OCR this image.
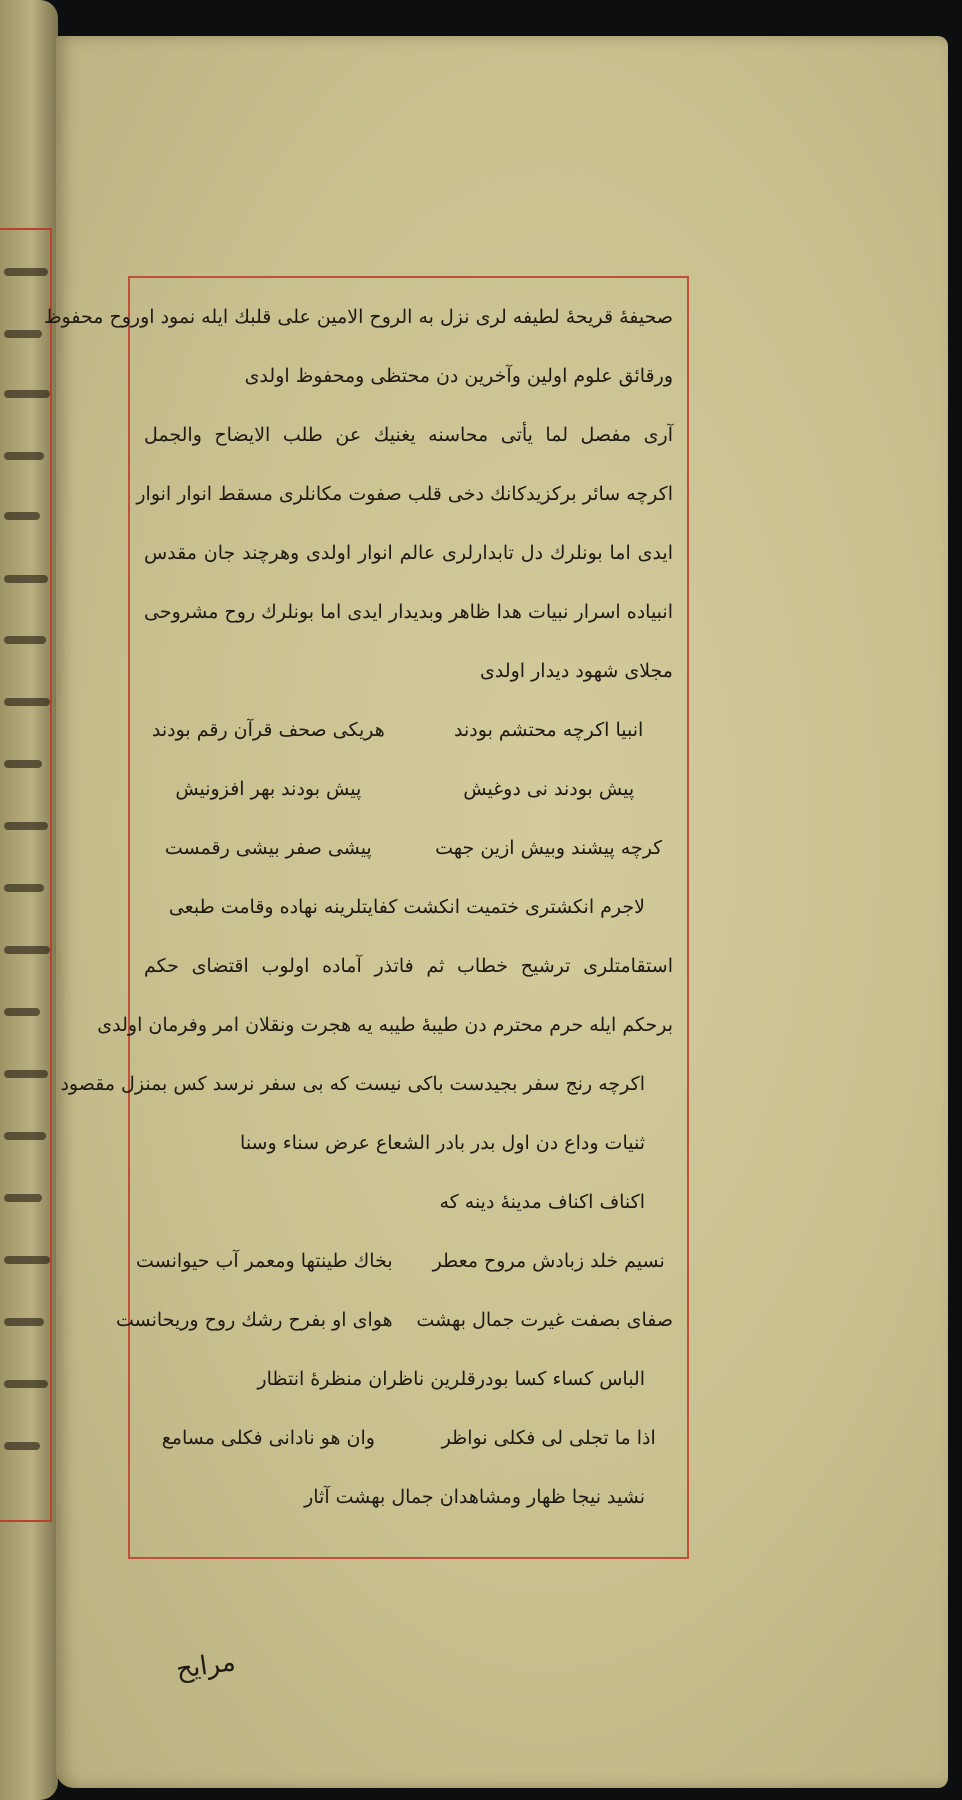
صحيفهٔ قريحهٔ لطيفه لرى نزل به الروح الامين على قلبك ايله نمود اوروح محفوظ
ورقائق علوم اولين وآخرين دن محتظى ومحفوظ اولدى
آرى مفصل لما يأتى محاسنه يغنيك عن طلب الايضاح والجمل
اكرچه سائر بركزيدكانك دخى قلب صفوت مكانلرى مسقط انوار انوار
ايدى اما بونلرك دل تابدارلرى عالم انوار اولدى وهرچند جان مقدس
انبياده اسرار نبيات هدا ظاهر وبديدار ايدى اما بونلرك روح مشروحى
مجلاى شهود ديدار اولدى
انبيا اكرچه محتشم بودند
هريكى صحف قرآن رقم بودند
پيش بودند نى دوغيش
پيش بودند بهر افزونيش
كرچه پيشند وبيش ازين جهت
پيشى صفر بيشى رقمست
لاجرم انكشترى ختميت انكشت كفايتلرينه نهاده وقامت طبعى
استقامتلرى ترشيح خطاب ثم فاتذر آماده اولوب اقتضاى حكم
برحكم ايله حرم محترم دن طيبهٔ طيبه يه هجرت ونقلان امر وفرمان اولدى
اكرچه رنج سفر بجيدست باكى نيست كه بى سفر نرسد كس بمنزل مقصود
ثنيات وداع دن اول بدر بادر الشعاع عرض سناء وسنا
اكناف اكناف مدينهٔ دينه كه
نسيم خلد زبادش مروح معطر
بخاك طينتها ومعمر آب حيوانست
صفاى بصفت غيرت جمال بهشت
هواى او بفرح رشك روح وريحانست
الباس كساء كسا بودرقلرين ناظران منظرهٔ انتظار
اذا ما تجلى لى فكلى نواظر
وان هو نادانى فكلى مسامع
نشيد نيجا ظهار ومشاهدان جمال بهشت آثار
مرايح
